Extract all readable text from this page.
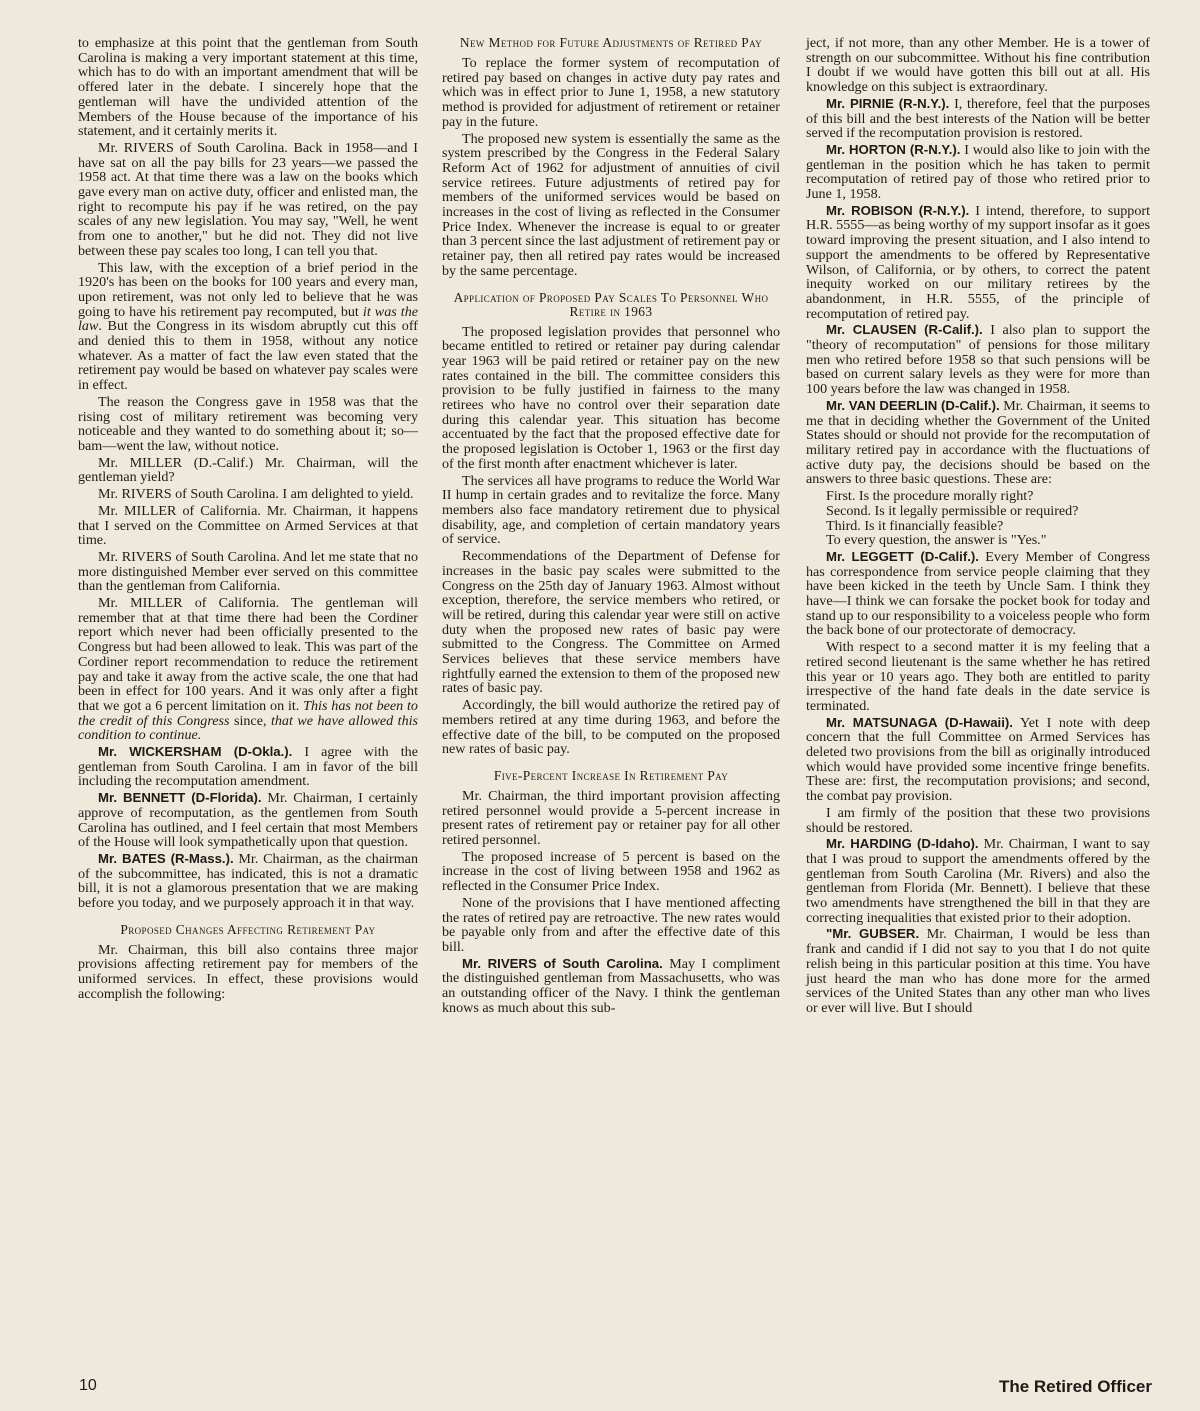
to emphasize at this point that the gentleman from South Carolina is making a very important statement at this time, which has to do with an important amendment that will be offered later in the debate. I sincerely hope that the gentleman will have the undivided attention of the Members of the House because of the importance of his statement, and it certainly merits it.

Mr. RIVERS of South Carolina. Back in 1958—and I have sat on all the pay bills for 23 years—we passed the 1958 act. At that time there was a law on the books which gave every man on active duty, officer and enlisted man, the right to recompute his pay if he was retired, on the pay scales of any new legislation. You may say, "Well, he went from one to another," but he did not. They did not live between these pay scales too long, I can tell you that.

This law, with the exception of a brief period in the 1920's has been on the books for 100 years and every man, upon retirement, was not only led to believe that he was going to have his retirement pay recomputed, but it was the law. But the Congress in its wisdom abruptly cut this off and denied this to them in 1958, without any notice whatever. As a matter of fact the law even stated that the retirement pay would be based on whatever pay scales were in effect.

The reason the Congress gave in 1958 was that the rising cost of military retirement was becoming very noticeable and they wanted to do something about it; so—bam—went the law, without notice.

Mr. MILLER (D.-Calif.) Mr. Chairman, will the gentleman yield?

Mr. RIVERS of South Carolina. I am delighted to yield.

Mr. MILLER of California. Mr. Chairman, it happens that I served on the Committee on Armed Services at that time.

Mr. RIVERS of South Carolina. And let me state that no more distinguished Member ever served on this committee than the gentleman from California.

Mr. MILLER of California. The gentleman will remember that at that time there had been the Cordiner report which never had been officially presented to the Congress but had been allowed to leak. This was part of the Cordiner report recommendation to reduce the retirement pay and take it away from the active scale, the one that had been in effect for 100 years. And it was only after a fight that we got a 6 percent limitation on it. This has not been to the credit of this Congress since, that we have allowed this condition to continue.

Mr. WICKERSHAM (D-Okla.). I agree with the gentleman from South Carolina. I am in favor of the bill including the recomputation amendment.

Mr. BENNETT (D-Florida). Mr. Chairman, I certainly approve of recomputation, as the gentlemen from South Carolina has outlined, and I feel certain that most Members of the House will look sympathetically upon that question.

Mr. BATES (R-Mass.). Mr. Chairman, as the chairman of the subcommittee, has indicated, this is not a dramatic bill, it is not a glamorous presentation that we are making before you today, and we purposely approach it in that way.

Proposed Changes Affecting Retirement Pay

Mr. Chairman, this bill also contains three major provisions affecting retirement pay for members of the uniformed services. In effect, these provisions would accomplish the following:

New Method for Future Adjustments of Retired Pay

To replace the former system of recomputation of retired pay based on changes in active duty pay rates and which was in effect prior to June 1, 1958, a new statutory method is provided for adjustment of retirement or retainer pay in the future.

The proposed new system is essentially the same as the system prescribed by the Congress in the Federal Salary Reform Act of 1962 for adjustment of annuities of civil service retirees. Future adjustments of retired pay for members of the uniformed services would be based on increases in the cost of living as reflected in the Consumer Price Index. Whenever the increase is equal to or greater than 3 percent since the last adjustment of retirement pay or retainer pay, then all retired pay rates would be increased by the same percentage.

Application of Proposed Pay Scales To Personnel Who Retire in 1963

The proposed legislation provides that personnel who became entitled to retired or retainer pay during calendar year 1963 will be paid retired or retainer pay on the new rates contained in the bill. The committee considers this provision to be fully justified in fairness to the many retirees who have no control over their separation date during this calendar year. This situation has become accentuated by the fact that the proposed effective date for the proposed legislation is October 1, 1963 or the first day of the first month after enactment whichever is later.

The services all have programs to reduce the World War II hump in certain grades and to revitalize the force. Many members also face mandatory retirement due to physical disability, age, and completion of certain mandatory years of service.

Recommendations of the Department of Defense for increases in the basic pay scales were submitted to the Congress on the 25th day of January 1963. Almost without exception, therefore, the service members who retired, or will be retired, during this calendar year were still on active duty when the proposed new rates of basic pay were submitted to the Congress. The Committee on Armed Services believes that these service members have rightfully earned the extension to them of the proposed new rates of basic pay.

Accordingly, the bill would authorize the retired pay of members retired at any time during 1963, and before the effective date of the bill, to be computed on the proposed new rates of basic pay.

Five-Percent Increase In Retirement Pay

Mr. Chairman, the third important provision affecting retired personnel would provide a 5-percent increase in present rates of retirement pay or retainer pay for all other retired personnel.

The proposed increase of 5 percent is based on the increase in the cost of living between 1958 and 1962 as reflected in the Consumer Price Index.

None of the provisions that I have mentioned affecting the rates of retired pay are retroactive. The new rates would be payable only from and after the effective date of this bill.

Mr. RIVERS of South Carolina. May I compliment the distinguished gentleman from Massachusetts, who was an outstanding officer of the Navy. I think the gentleman knows as much about this sub-

ject, if not more, than any other Member. He is a tower of strength on our subcommittee. Without his fine contribution I doubt if we would have gotten this bill out at all. His knowledge on this subject is extraordinary.

Mr. PIRNIE (R-N.Y.). I, therefore, feel that the purposes of this bill and the best interests of the Nation will be better served if the recomputation provision is restored.

Mr. HORTON (R-N.Y.). I would also like to join with the gentleman in the position which he has taken to permit recomputation of retired pay of those who retired prior to June 1, 1958.

Mr. ROBISON (R-N.Y.). I intend, therefore, to support H.R. 5555—as being worthy of my support insofar as it goes toward improving the present situation, and I also intend to support the amendments to be offered by Representative Wilson, of California, or by others, to correct the patent inequity worked on our military retirees by the abandonment, in H.R. 5555, of the principle of recomputation of retired pay.

Mr. CLAUSEN (R-Calif.). I also plan to support the "theory of recomputation" of pensions for those military men who retired before 1958 so that such pensions will be based on current salary levels as they were for more than 100 years before the law was changed in 1958.

Mr. VAN DEERLIN (D-Calif.). Mr. Chairman, it seems to me that in deciding whether the Government of the United States should or should not provide for the recomputation of military retired pay in accordance with the fluctuations of active duty pay, the decisions should be based on the answers to three basic questions. These are:

First. Is the procedure morally right?

Second. Is it legally permissible or required?

Third. Is it financially feasible?

To every question, the answer is "Yes."

Mr. LEGGETT (D-Calif.). Every Member of Congress has correspondence from service people claiming that they have been kicked in the teeth by Uncle Sam. I think they have—I think we can forsake the pocket book for today and stand up to our responsibility to a voiceless people who form the back bone of our protectorate of democracy.

With respect to a second matter it is my feeling that a retired second lieutenant is the same whether he has retired this year or 10 years ago. They both are entitled to parity irrespective of the hand fate deals in the date service is terminated.

Mr. MATSUNAGA (D-Hawaii). Yet I note with deep concern that the full Committee on Armed Services has deleted two provisions from the bill as originally introduced which would have provided some incentive fringe benefits. These are: first, the recomputation provisions; and second, the combat pay provision.

I am firmly of the position that these two provisions should be restored.

Mr. HARDING (D-Idaho). Mr. Chairman, I want to say that I was proud to support the amendments offered by the gentleman from South Carolina (Mr. Rivers) and also the gentleman from Florida (Mr. Bennett). I believe that these two amendments have strengthened the bill in that they are correcting inequalities that existed prior to their adoption.

"Mr. GUBSER. Mr. Chairman, I would be less than frank and candid if I did not say to you that I do not quite relish being in this particular position at this time. You have just heard the man who has done more for the armed services of the United States than any other man who lives or ever will live. But I should

10	The Retired Officer
